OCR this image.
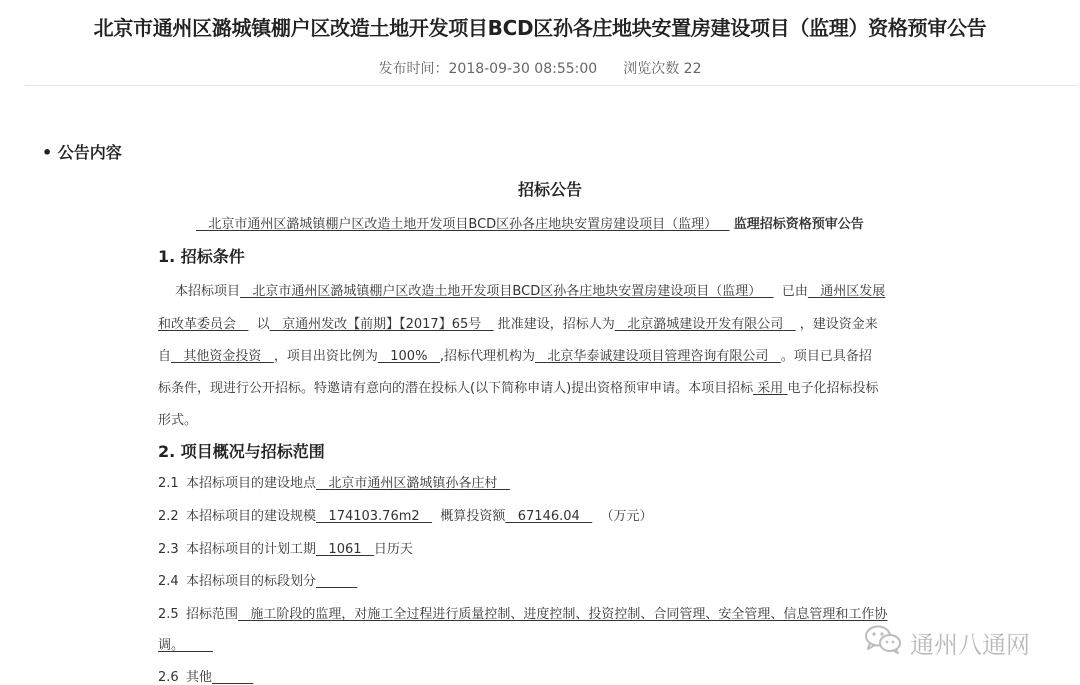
北京市通州区潞城镇棚户区改造土地开发项目BCD区孙各庄地块安置房建设项目（监理）资格预审公告
发布时间：2018-09-30 08:55:00 浏览次数 22
• 公告内容
招标公告
北京市通州区潞城镇棚户区改造土地开发项目BCD区孙各庄地块安置房建设项目（监理） 监理招标资格预审公告
1. 招标条件
本招标项目 北京市通州区潞城镇棚户区改造土地开发项目BCD区孙各庄地块安置房建设项目（监理） 已由 通州区发展
和改革委员会 以 京通州发改【前期】【2017】65号 批准建设，招标人为 北京潞城建设开发有限公司 ，建设资金来
自 其他资金投资 ，项目出资比例为 100% ,招标代理机构为 北京华泰诚建设项目管理咨询有限公司 。项目已具备招
标条件，现进行公开招标。特邀请有意向的潜在投标人(以下简称申请人)提出资格预审申请。本项目招标 采用 电子化招标投标
形式。
2. 项目概况与招标范围
2.1 本招标项目的建设地点 北京市通州区潞城镇孙各庄村
2.2 本招标项目的建设规模 174103.76m2 概算投资额 67146.04 （万元）
2.3 本招标项目的计划工期 1061 日历天
2.4 本招标项目的标段划分
2.5 招标范围 施工阶段的监理，对施工全过程进行质量控制、进度控制、投资控制、合同管理、安全管理、信息管理和工作协
调。
2.6 其他
通州八通网
